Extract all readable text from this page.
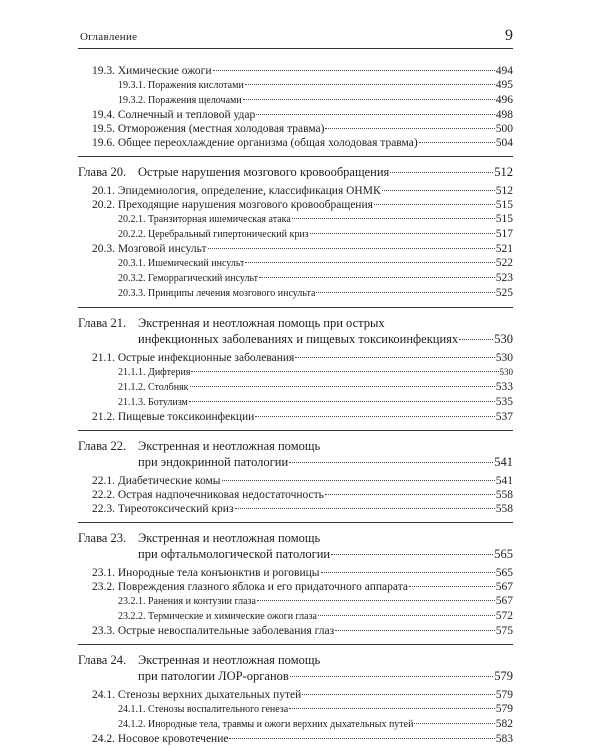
Оглавление	9
19.3. Химические ожоги	494
19.3.1. Поражения кислотами	495
19.3.2. Поражения щелочами	496
19.4. Солнечный и тепловой удар	498
19.5. Отморожения (местная холодовая травма)	500
19.6. Общее переохлаждение организма (общая холодовая травма)	504
Глава 20. Острые нарушения мозгового кровообращения	512
20.1. Эпидемиология, определение, классификация ОНМК	512
20.2. Преходящие нарушения мозгового кровообращения	515
20.2.1. Транзиторная ишемическая атака	515
20.2.2. Церебральный гипертонический криз	517
20.3. Мозговой инсульт	521
20.3.1. Ишемический инсульт	522
20.3.2. Геморрагический инсульт	523
20.3.3. Принципы лечения мозгового инсульта	525
Глава 21. Экстренная и неотложная помощь при острых
инфекционных заболеваниях и пищевых токсикоинфекциях	530
21.1. Острые инфекционные заболевания	530
21.1.1. Дифтерия	530
21.1.2. Столбняк	533
21.1.3. Ботулизм	535
21.2. Пищевые токсикоинфекции	537
Глава 22. Экстренная и неотложная помощь
при эндокринной патологии	541
22.1. Диабетические комы	541
22.2. Острая надпочечниковая недостаточность	558
22.3. Тиреотоксический криз	558
Глава 23. Экстренная и неотложная помощь
при офтальмологической патологии	565
23.1. Инородные тела конъюнктив и роговицы	565
23.2. Повреждения глазного яблока и его придаточного аппарата	567
23.2.1. Ранения и контузии глаза	567
23.2.2. Термические и химические ожоги глаза	572
23.3. Острые невоспалительные заболевания глаз	575
Глава 24. Экстренная и неотложная помощь
при патологии ЛОР-органов	579
24.1. Стенозы верхних дыхательных путей	579
24.1.1. Стенозы воспалительного генеза	579
24.1.2. Инородные тела, травмы и ожоги верхних дыхательных путей	582
24.2. Носовое кровотечение	583
